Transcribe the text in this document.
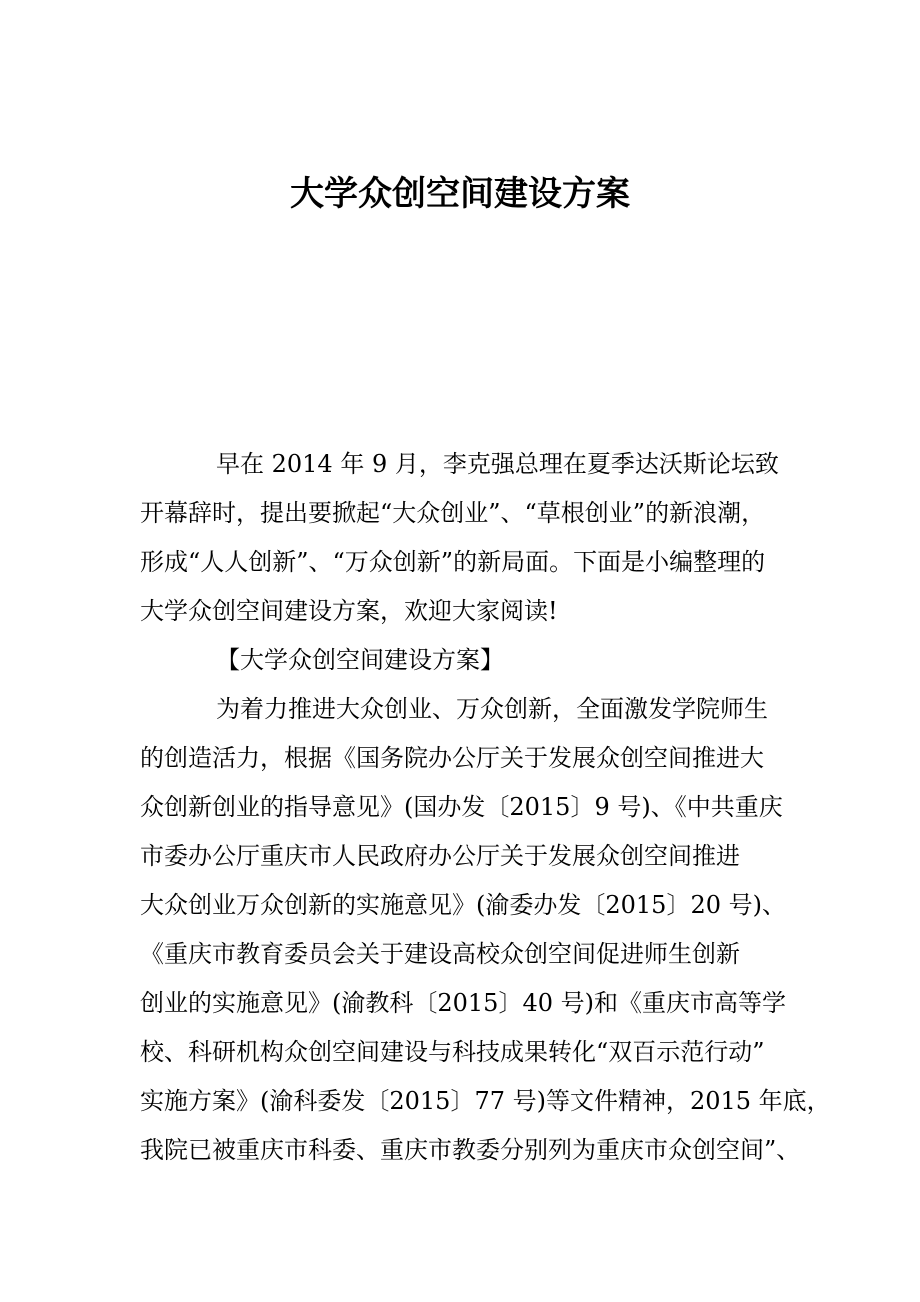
大学众创空间建设方案
早在 2014 年 9 月，李克强总理在夏季达沃斯论坛致
开幕辞时，提出要掀起“大众创业”、“草根创业”的新浪潮，
形成“人人创新”、“万众创新”的新局面。下面是小编整理的
大学众创空间建设方案，欢迎大家阅读!
【大学众创空间建设方案】
为着力推进大众创业、万众创新，全面激发学院师生
的创造活力，根据《国务院办公厅关于发展众创空间推进大
众创新创业的指导意见》(国办发〔2015〕9 号)、《中共重庆
市委办公厅重庆市人民政府办公厅关于发展众创空间推进
大众创业万众创新的实施意见》(渝委办发〔2015〕20 号)、
《重庆市教育委员会关于建设高校众创空间促进师生创新
创业的实施意见》(渝教科〔2015〕40 号)和《重庆市高等学
校、科研机构众创空间建设与科技成果转化“双百示范行动”
实施方案》(渝科委发〔2015〕77 号)等文件精神，2015 年底，
我院已被重庆市科委、重庆市教委分别列为重庆市众创空间”、
